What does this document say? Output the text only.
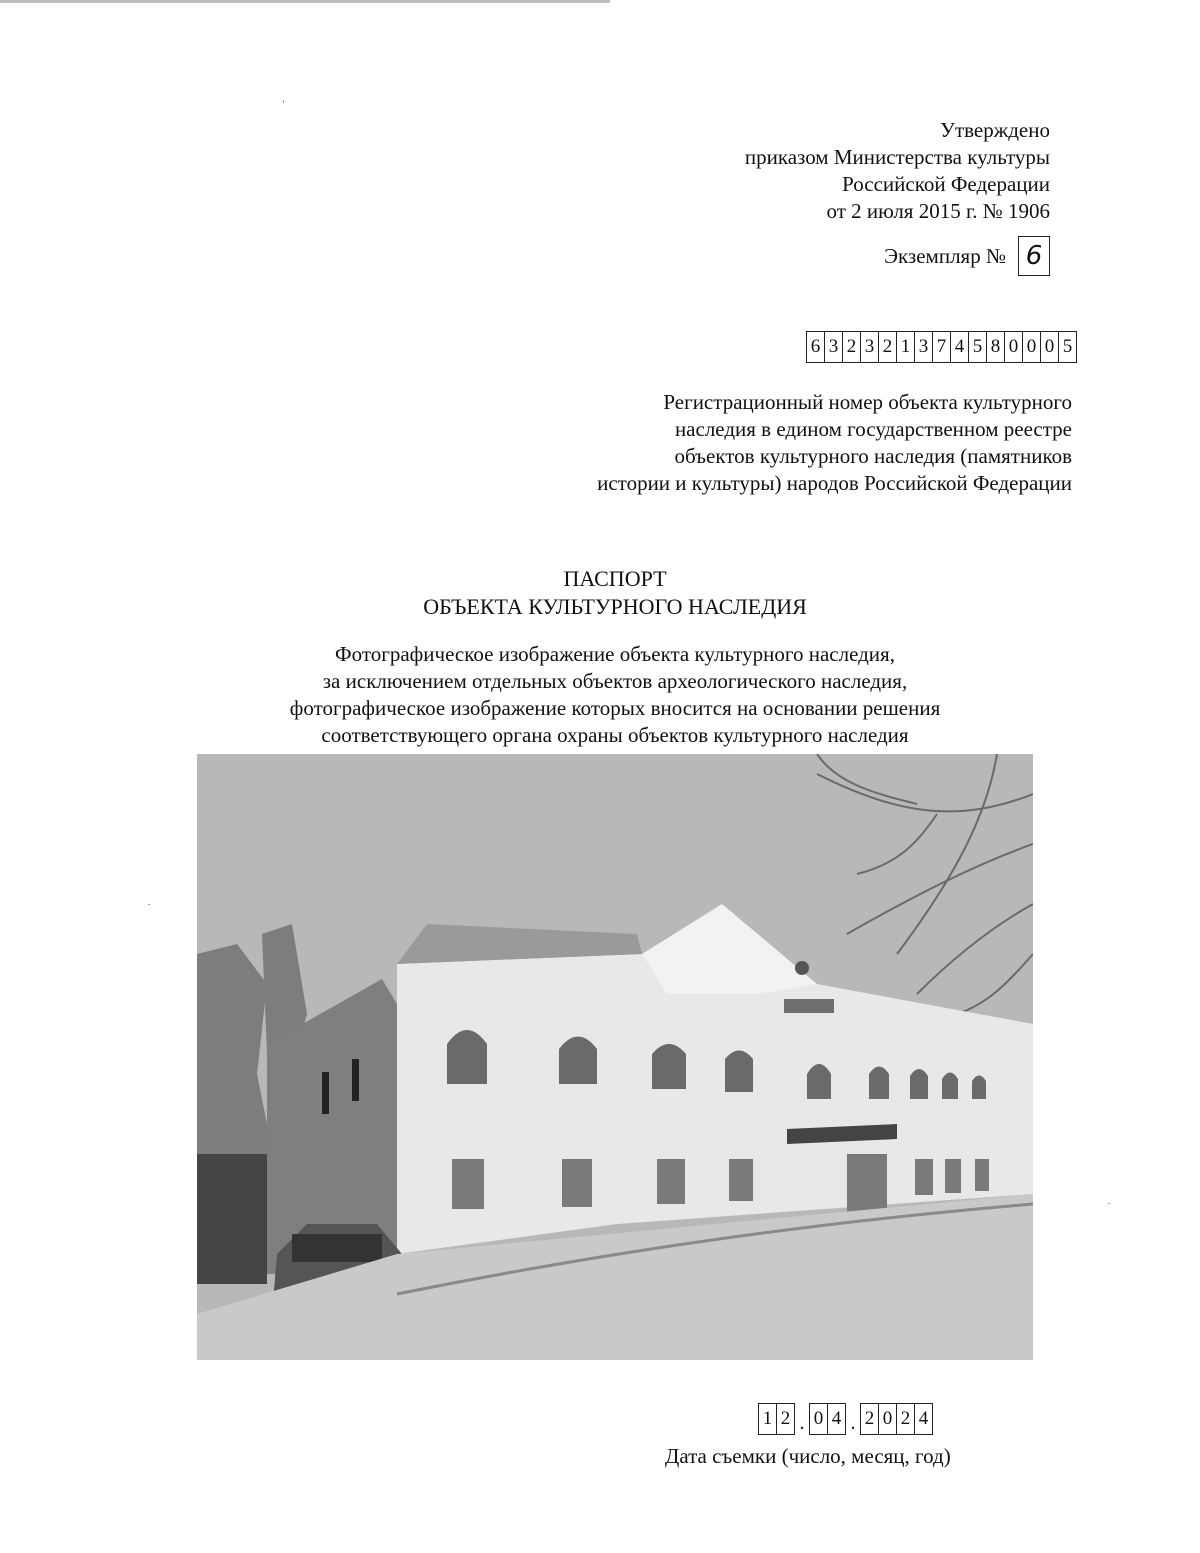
Утверждено
приказом Министерства культуры
Российской Федерации
от 2 июля 2015 г. № 1906
Экземпляр № 6
6 3 2 3 2 1 3 7 4 5 8 0 0 0 5
Регистрационный номер объекта культурного
наследия в едином государственном реестре
объектов культурного наследия (памятников
истории и культуры) народов Российской Федерации
ПАСПОРТ
ОБЪЕКТА КУЛЬТУРНОГО НАСЛЕДИЯ
Фотографическое изображение объекта культурного наследия,
за исключением отдельных объектов археологического наследия,
фотографическое изображение которых вносится на основании решения
соответствующего органа охраны объектов культурного наследия
1 2 . 0 4 . 2 0 2 4
Дата съемки (число, месяц, год)
